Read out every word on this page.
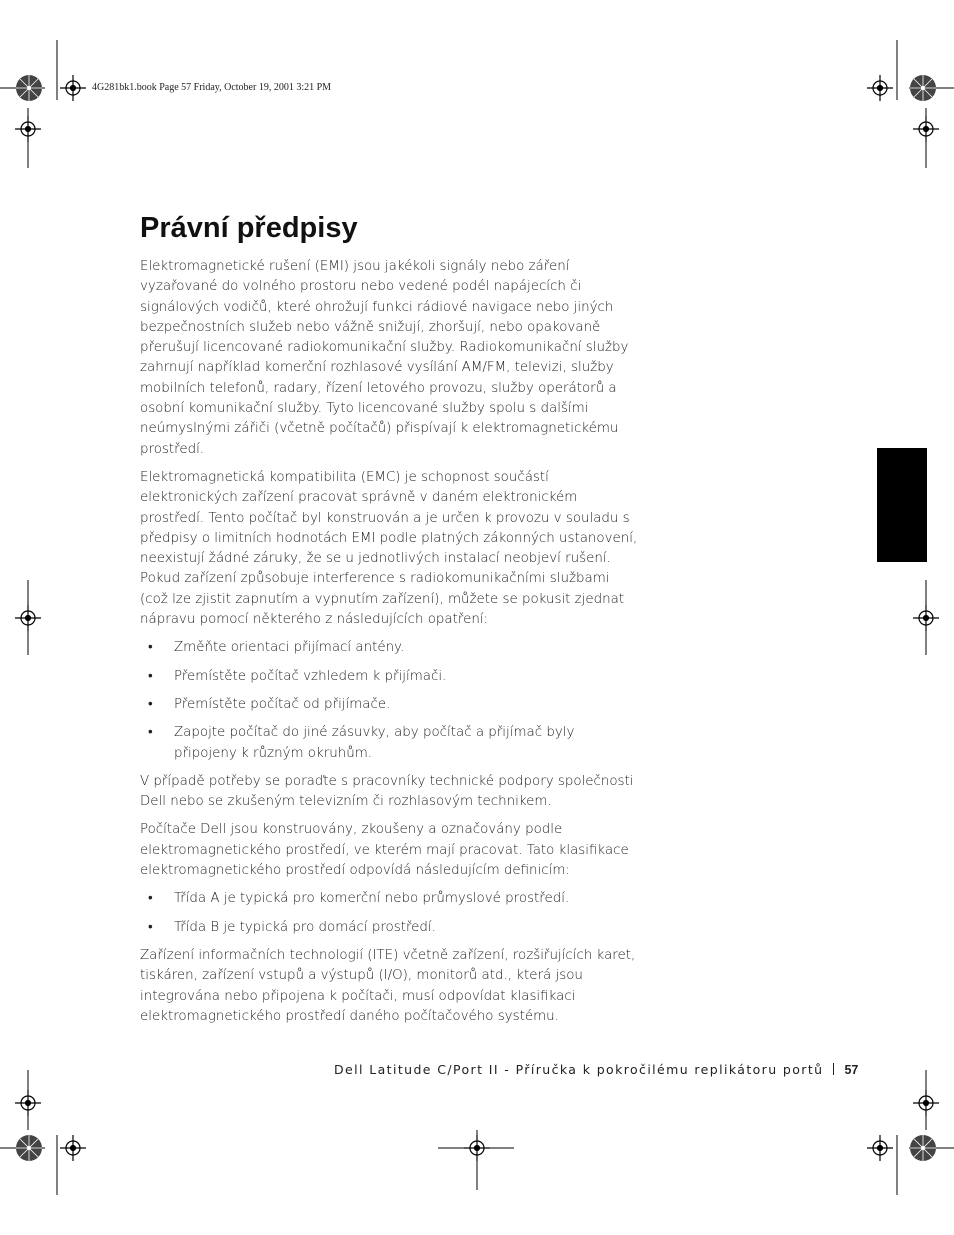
4G281bk1.book Page 57 Friday, October 19, 2001 3:21 PM
Právní předpisy

Elektromagnetické rušení (EMI) jsou jakékoli signály nebo záření vyzařované do volného prostoru nebo vedené podél napájecích či signálových vodičů, které ohrožují funkci rádiové navigace nebo jiných bezpečnostních služeb nebo vážně snižují, zhoršují, nebo opakovaně přerušují licencované radiokomunikační služby. Radiokomunikační služby zahrnují například komerční rozhlasové vysílání AM/FM, televizi, služby mobilních telefonů, radary, řízení letového provozu, služby operátorů a osobní komunikační služby. Tyto licencované služby spolu s dalšími neúmyslnými zářiči (včetně počítačů) přispívají k elektromagnetickému prostředí.

Elektromagnetická kompatibilita (EMC) je schopnost součástí elektronických zařízení pracovat správně v daném elektronickém prostředí. Tento počítač byl konstruován a je určen k provozu v souladu s předpisy o limitních hodnotách EMI podle platných zákonných ustanovení, neexistují žádné záruky, že se u jednotlivých instalací neobjeví rušení. Pokud zařízení způsobuje interference s radiokomunikačními službami (což lze zjistit zapnutím a vypnutím zařízení), můžete se pokusit zjednat nápravu pomocí některého z následujících opatření:

• Změňte orientaci přijímací antény.
• Přemístěte počítač vzhledem k přijímači.
• Přemístěte počítač od přijímače.
• Zapojte počítač do jiné zásuvky, aby počítač a přijímač byly připojeny k různým okruhům.

V případě potřeby se poraďte s pracovníky technické podpory společnosti Dell nebo se zkušeným televizním či rozhlasovým technikem.

Počítače Dell jsou konstruovány, zkoušeny a označovány podle elektromagnetického prostředí, ve kterém mají pracovat. Tato klasifikace elektromagnetického prostředí odpovídá následujícím definicím:

• Třída A je typická pro komerční nebo průmyslové prostředí.
• Třída B je typická pro domácí prostředí.

Zařízení informačních technologií (ITE) včetně zařízení, rozšiřujících karet, tiskáren, zařízení vstupů a výstupů (I/O), monitorů atd., která jsou integrována nebo připojena k počítači, musí odpovídat klasifikaci elektromagnetického prostředí daného počítačového systému.

Dell Latitude C/Port II - Příručka k pokročilému replikátoru portů 57
